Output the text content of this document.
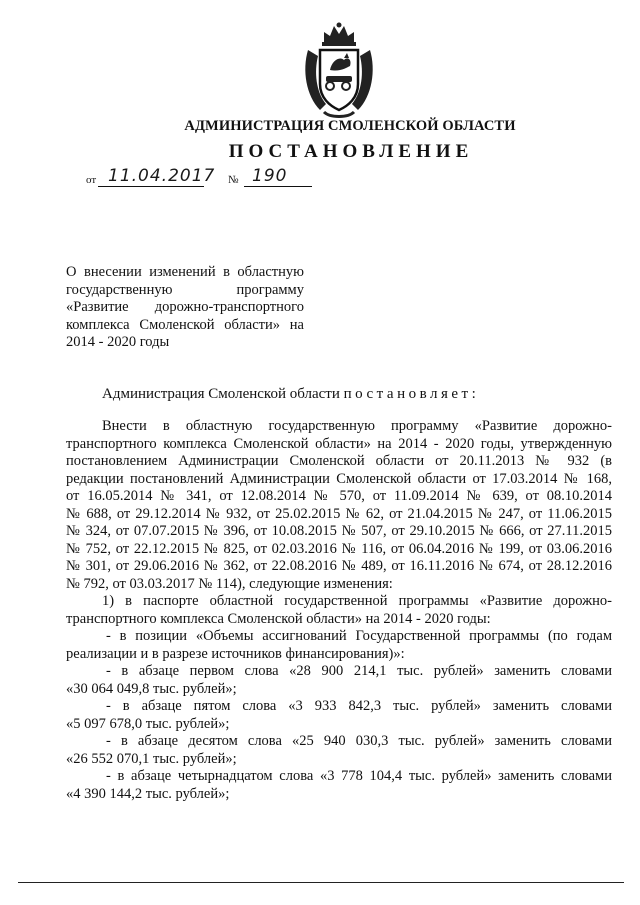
АДМИНИСТРАЦИЯ СМОЛЕНСКОЙ ОБЛАСТИ
ПОСТАНОВЛЕНИЕ
от 11.04.2017 № 190
О внесении изменений в областную
государственную программу
«Развитие дорожно-транспортного
комплекса Смоленской области» на
2014 - 2020 годы
Администрация Смоленской области постановляет:
Внести в областную государственную программу «Развитие дорожно-
транспортного комплекса Смоленской области» на 2014 - 2020 годы, утвержденную
постановлением Администрации Смоленской области от 20.11.2013 № 932 (в
редакции постановлений Администрации Смоленской области от 17.03.2014 № 168,
от 16.05.2014 № 341, от 12.08.2014 № 570, от 11.09.2014 № 639, от 08.10.2014
№ 688, от 29.12.2014 № 932, от 25.02.2015 № 62, от 21.04.2015 № 247, от 11.06.2015
№ 324, от 07.07.2015 № 396, от 10.08.2015 № 507, от 29.10.2015 № 666, от 27.11.2015
№ 752, от 22.12.2015 № 825, от 02.03.2016 № 116, от 06.04.2016 № 199, от 03.06.2016
№ 301, от 29.06.2016 № 362, от 22.08.2016 № 489, от 16.11.2016 № 674, от 28.12.2016
№ 792, от 03.03.2017 № 114), следующие изменения:
1) в паспорте областной государственной программы «Развитие дорожно-
транспортного комплекса Смоленской области» на 2014 - 2020 годы:
- в позиции «Объемы ассигнований Государственной программы (по годам
реализации и в разрезе источников финансирования)»:
- в абзаце первом слова «28 900 214,1 тыс. рублей» заменить словами
«30 064 049,8 тыс. рублей»;
- в абзаце пятом слова «3 933 842,3 тыс. рублей» заменить словами
«5 097 678,0 тыс. рублей»;
- в абзаце десятом слова «25 940 030,3 тыс. рублей» заменить словами
«26 552 070,1 тыс. рублей»;
- в абзаце четырнадцатом слова «3 778 104,4 тыс. рублей» заменить словами
«4 390 144,2 тыс. рублей»;
